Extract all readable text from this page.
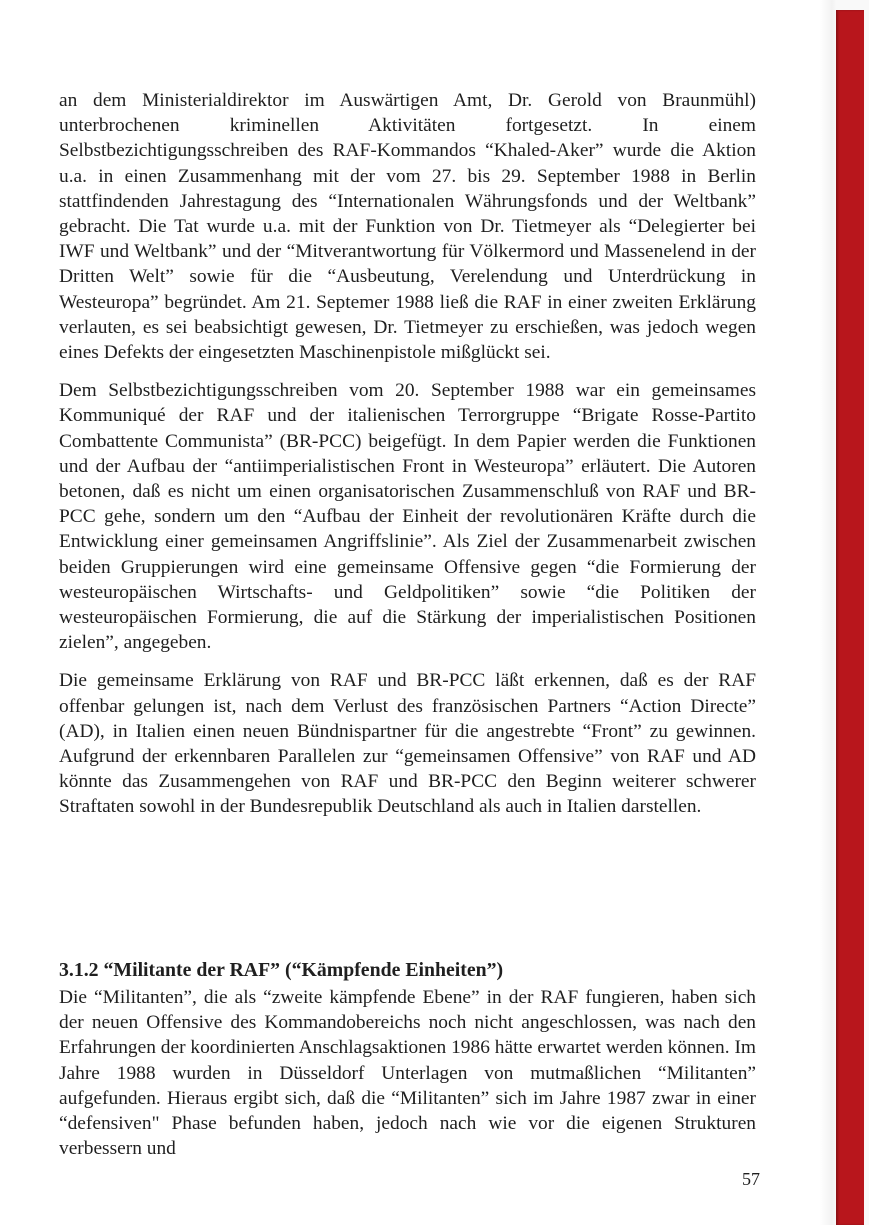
an dem Ministerialdirektor im Auswärtigen Amt, Dr. Gerold von Braunmühl) unterbrochenen kriminellen Aktivitäten fortgesetzt. In einem Selbstbezichtigungsschreiben des RAF-Kommandos “Khaled-Aker” wurde die Aktion u.a. in einen Zusammenhang mit der vom 27. bis 29. September 1988 in Berlin stattfindenden Jahrestagung des “Internationalen Währungsfonds und der Weltbank” gebracht. Die Tat wurde u.a. mit der Funktion von Dr. Tietmeyer als “Delegierter bei IWF und Weltbank” und der “Mitverantwortung für Völkermord und Massenelend in der Dritten Welt” sowie für die “Ausbeutung, Verelendung und Unterdrückung in Westeuropa” begründet. Am 21. Septemer 1988 ließ die RAF in einer zweiten Erklärung verlauten, es sei beabsichtigt gewesen, Dr. Tietmeyer zu erschießen, was jedoch wegen eines Defekts der eingesetzten Maschinenpistole mißglückt sei.

Dem Selbstbezichtigungsschreiben vom 20. September 1988 war ein gemeinsames Kommuniqué der RAF und der italienischen Terrorgruppe “Brigate Rosse-Partito Combattente Communista” (BR-PCC) beigefügt. In dem Papier werden die Funktionen und der Aufbau der “antiimperialistischen Front in Westeuropa” erläutert. Die Autoren betonen, daß es nicht um einen organisatorischen Zusammenschluß von RAF und BR-PCC gehe, sondern um den “Aufbau der Einheit der revolutionären Kräfte durch die Entwicklung einer gemeinsamen Angriffslinie”. Als Ziel der Zusammenarbeit zwischen beiden Gruppierungen wird eine gemeinsame Offensive gegen “die Formierung der westeuropäischen Wirtschafts- und Geldpolitiken” sowie “die Politiken der westeuropäischen Formierung, die auf die Stärkung der imperialistischen Positionen zielen”, angegeben.

Die gemeinsame Erklärung von RAF und BR-PCC läßt erkennen, daß es der RAF offenbar gelungen ist, nach dem Verlust des französischen Partners “Action Directe” (AD), in Italien einen neuen Bündnispartner für die angestrebte “Front” zu gewinnen. Aufgrund der erkennbaren Parallelen zur “gemeinsamen Offensive” von RAF und AD könnte das Zusammengehen von RAF und BR-PCC den Beginn weiterer schwerer Straftaten sowohl in der Bundesrepublik Deutschland als auch in Italien darstellen.

3.1.2 “Militante der RAF” (“Kämpfende Einheiten”)

Die “Militanten”, die als “zweite kämpfende Ebene” in der RAF fungieren, haben sich der neuen Offensive des Kommandobereichs noch nicht angeschlossen, was nach den Erfahrungen der koordinierten Anschlagsaktionen 1986 hätte erwartet werden können. Im Jahre 1988 wurden in Düsseldorf Unterlagen von mutmaßlichen “Militanten” aufgefunden. Hieraus ergibt sich, daß die “Militanten” sich im Jahre 1987 zwar in einer “defensiven" Phase befunden haben, jedoch nach wie vor die eigenen Strukturen verbessern und

57
